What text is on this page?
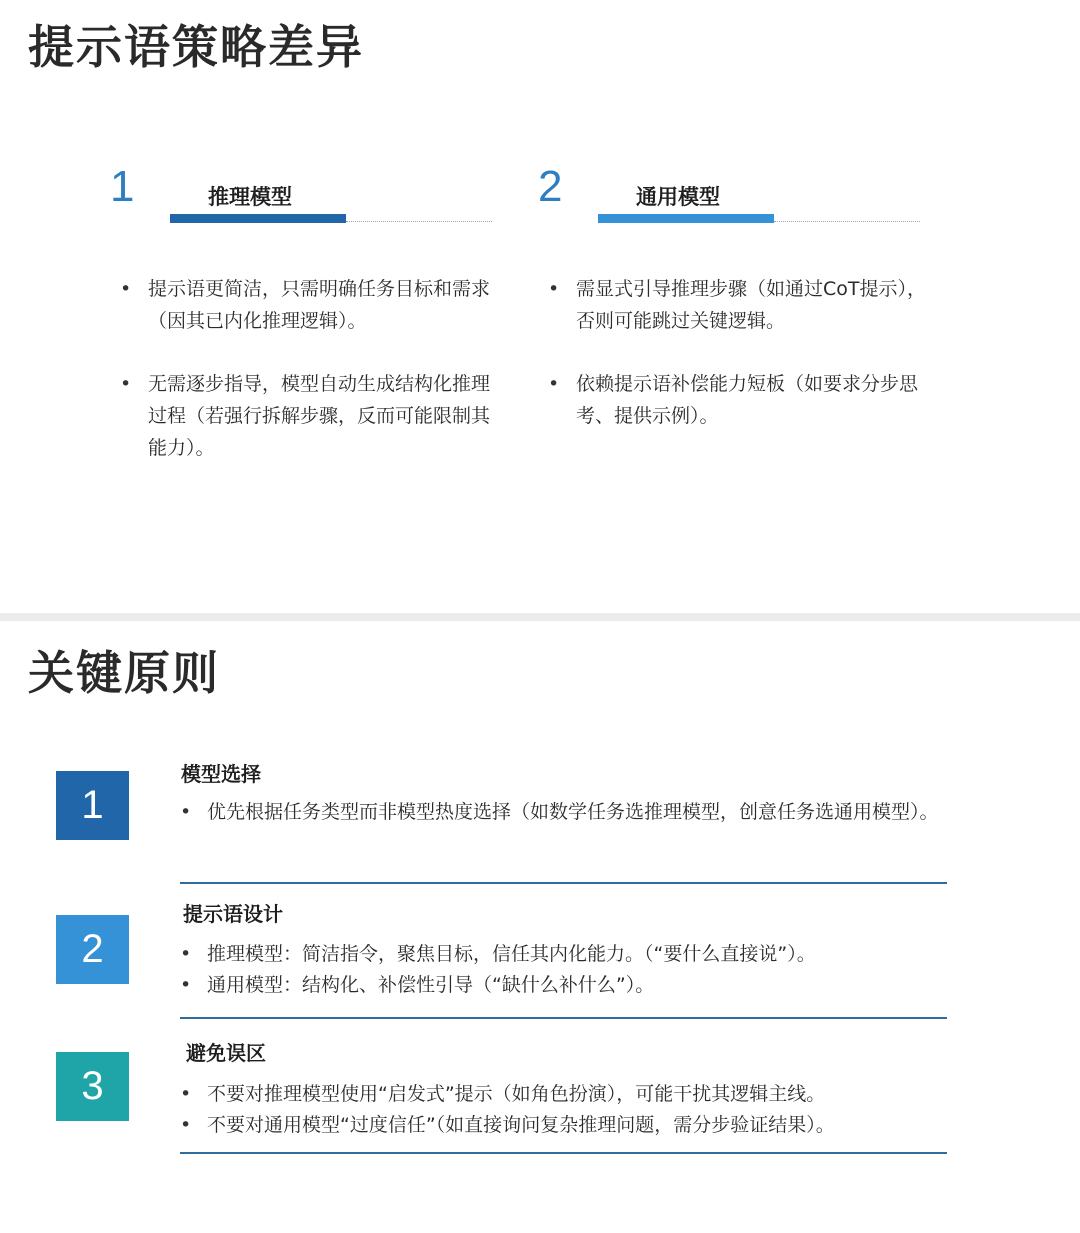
提示语策略差异
1	推理模型
• 提示语更简洁，只需明确任务目标和需求（因其已内化推理逻辑）。
• 无需逐步指导，模型自动生成结构化推理过程（若强行拆解步骤，反而可能限制其能力）。
2	通用模型
• 需显式引导推理步骤（如通过CoT提示），否则可能跳过关键逻辑。
• 依赖提示语补偿能力短板（如要求分步思考、提供示例）。
关键原则
1
模型选择
• 优先根据任务类型而非模型热度选择（如数学任务选推理模型，创意任务选通用模型）。
2
提示语设计
• 推理模型：简洁指令，聚焦目标，信任其内化能力。（“要什么直接说”）。
• 通用模型：结构化、补偿性引导（“缺什么补什么”）。
3
避免误区
• 不要对推理模型使用“启发式”提示（如角色扮演），可能干扰其逻辑主线。
• 不要对通用模型“过度信任”（如直接询问复杂推理问题，需分步验证结果）。
